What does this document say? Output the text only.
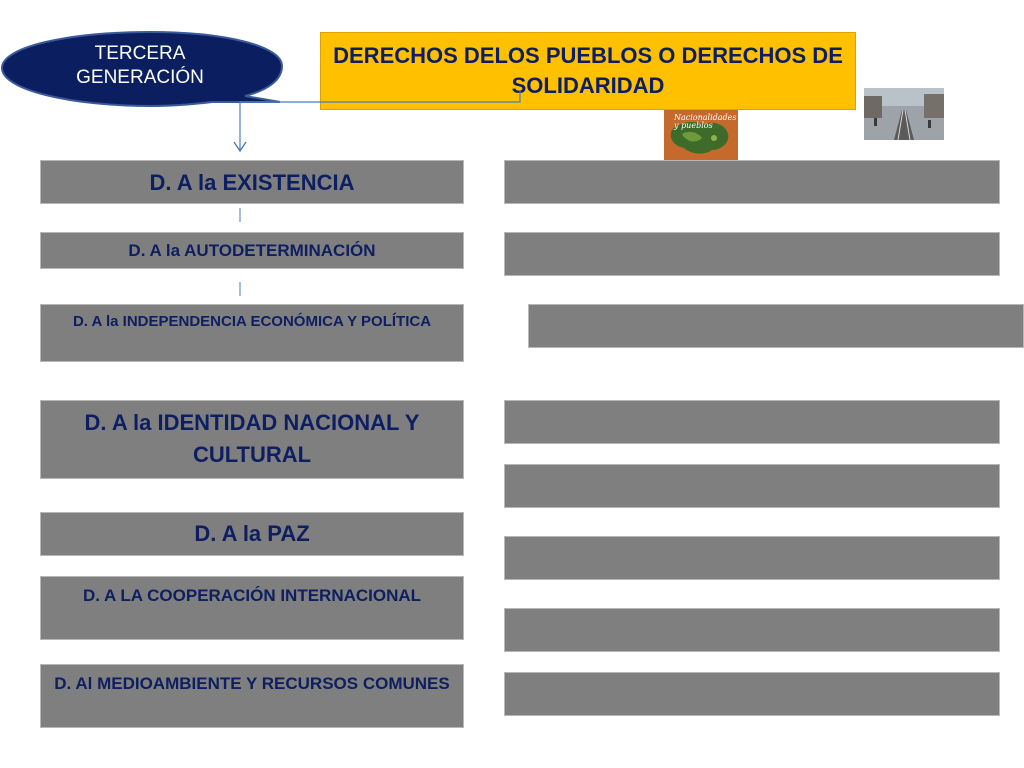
TERCERA
GENERACIÓN
DERECHOS DELOS PUEBLOS O DERECHOS DE SOLIDARIDAD
Nacionalidades y pueblos
D. A la EXISTENCIA
D. A la AUTODETERMINACIÓN
D. A la INDEPENDENCIA ECONÓMICA Y POLÍTICA
D. A la IDENTIDAD NACIONAL Y CULTURAL
D. A la PAZ
D. A LA COOPERACIÓN INTERNACIONAL
D. Al MEDIOAMBIENTE Y RECURSOS COMUNES
